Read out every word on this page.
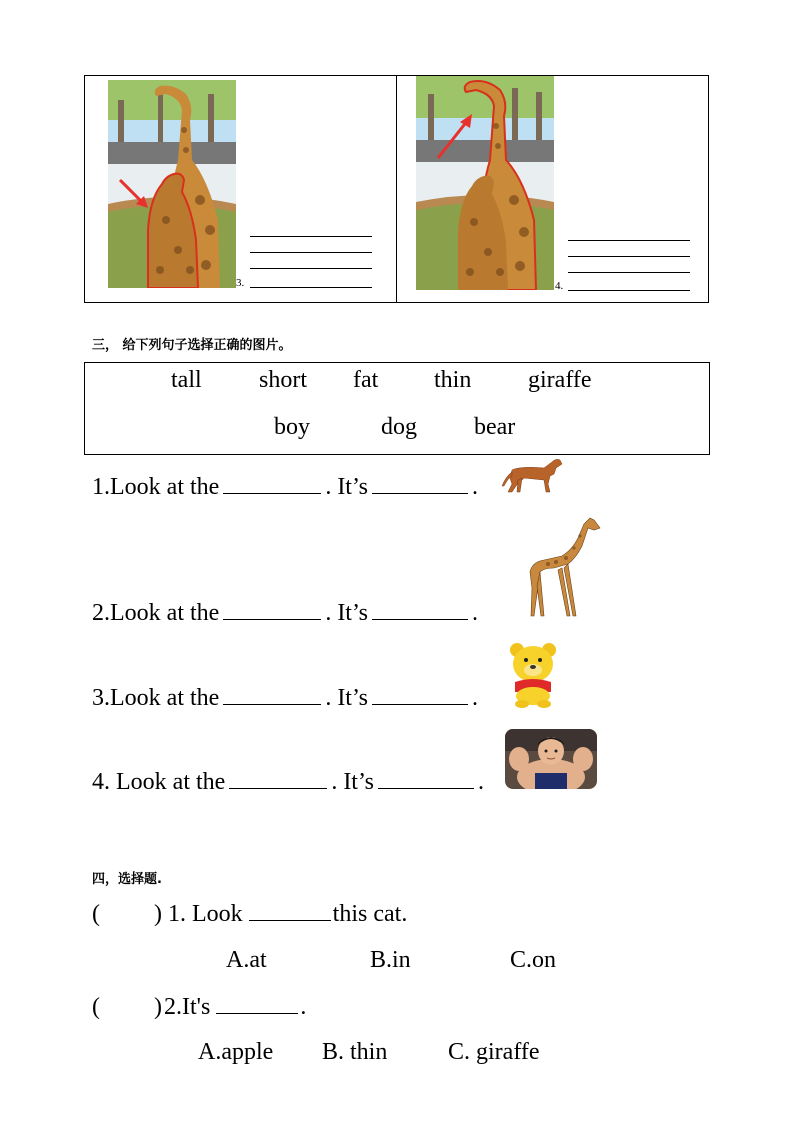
3.	4.
三， 给下列句子选择正确的图片。
tall short fat thin giraffe
boy	dog bear
1.Look at the	. It’s	.
2.Look at the	. It’s	.
3.Look at the	. It’s	.
4. Look at the	. It’s	.
四，选择题.
( ) 1. Look	this cat.
A.at	B.in	C.on
( ) 2.It's	.
A.apple B. thin	C. giraffe
